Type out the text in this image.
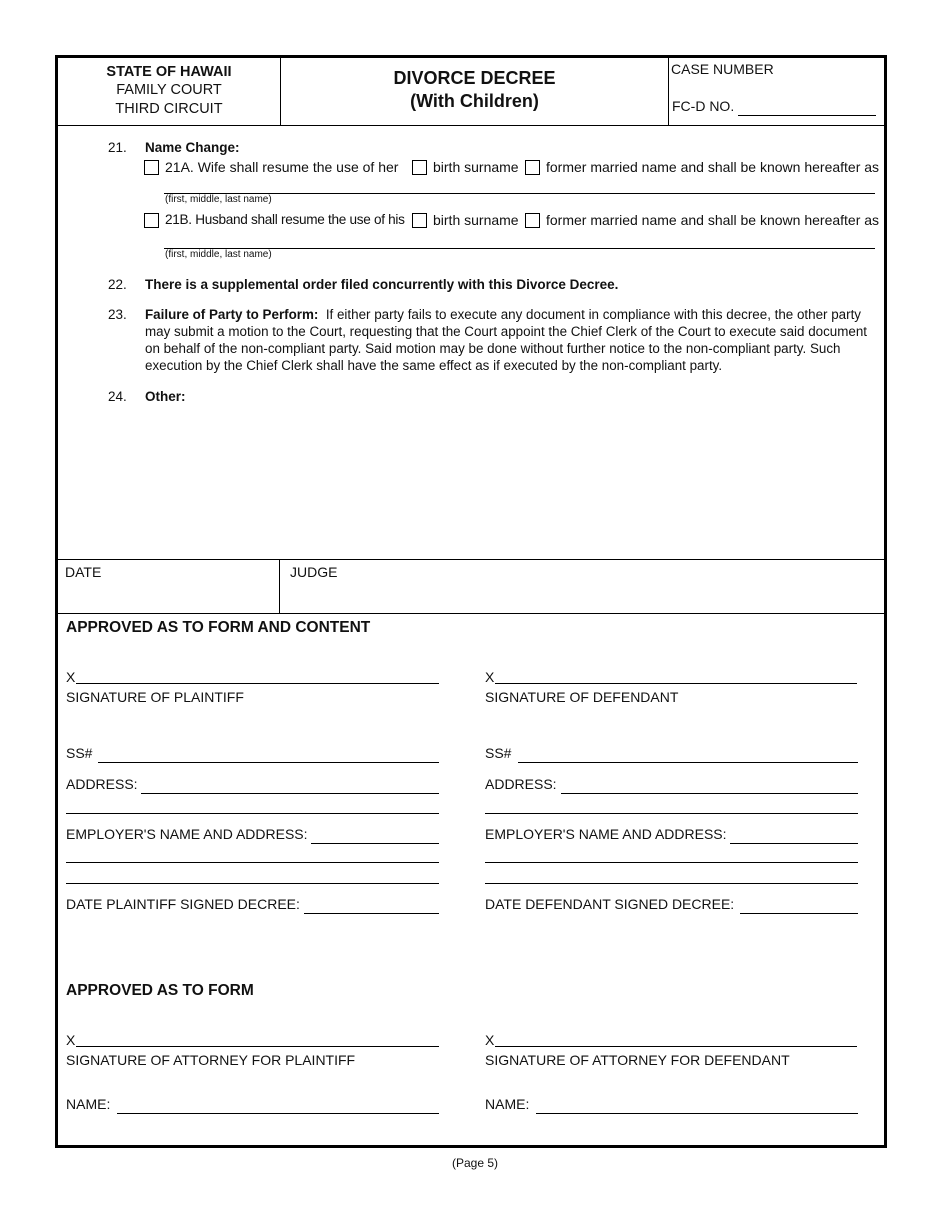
STATE OF HAWAII
FAMILY COURT
THIRD CIRCUIT
DIVORCE DECREE
(With Children)
CASE NUMBER
FC-D NO.
21. Name Change:
21A. Wife shall resume the use of her birth surname former married name and shall be known hereafter as
(first, middle, last name)
21B. Husband shall resume the use of his birth surname former married name and shall be known hereafter as
(first, middle, last name)
22. There is a supplemental order filed concurrently with this Divorce Decree.
23. Failure of Party to Perform: If either party fails to execute any document in compliance with this decree, the other party may submit a motion to the Court, requesting that the Court appoint the Chief Clerk of the Court to execute said document on behalf of the non-compliant party. Said motion may be done without further notice to the non-compliant party. Such execution by the Chief Clerk shall have the same effect as if executed by the non-compliant party.
24. Other:
DATE	JUDGE
APPROVED AS TO FORM AND CONTENT
X
SIGNATURE OF PLAINTIFF
X
SIGNATURE OF DEFENDANT
SS#	SS#
ADDRESS:	ADDRESS:
EMPLOYER'S NAME AND ADDRESS:	EMPLOYER'S NAME AND ADDRESS:
DATE PLAINTIFF SIGNED DECREE:	DATE DEFENDANT SIGNED DECREE:
APPROVED AS TO FORM
X
SIGNATURE OF ATTORNEY FOR PLAINTIFF
X
SIGNATURE OF ATTORNEY FOR DEFENDANT
NAME:	NAME:
(Page 5)
